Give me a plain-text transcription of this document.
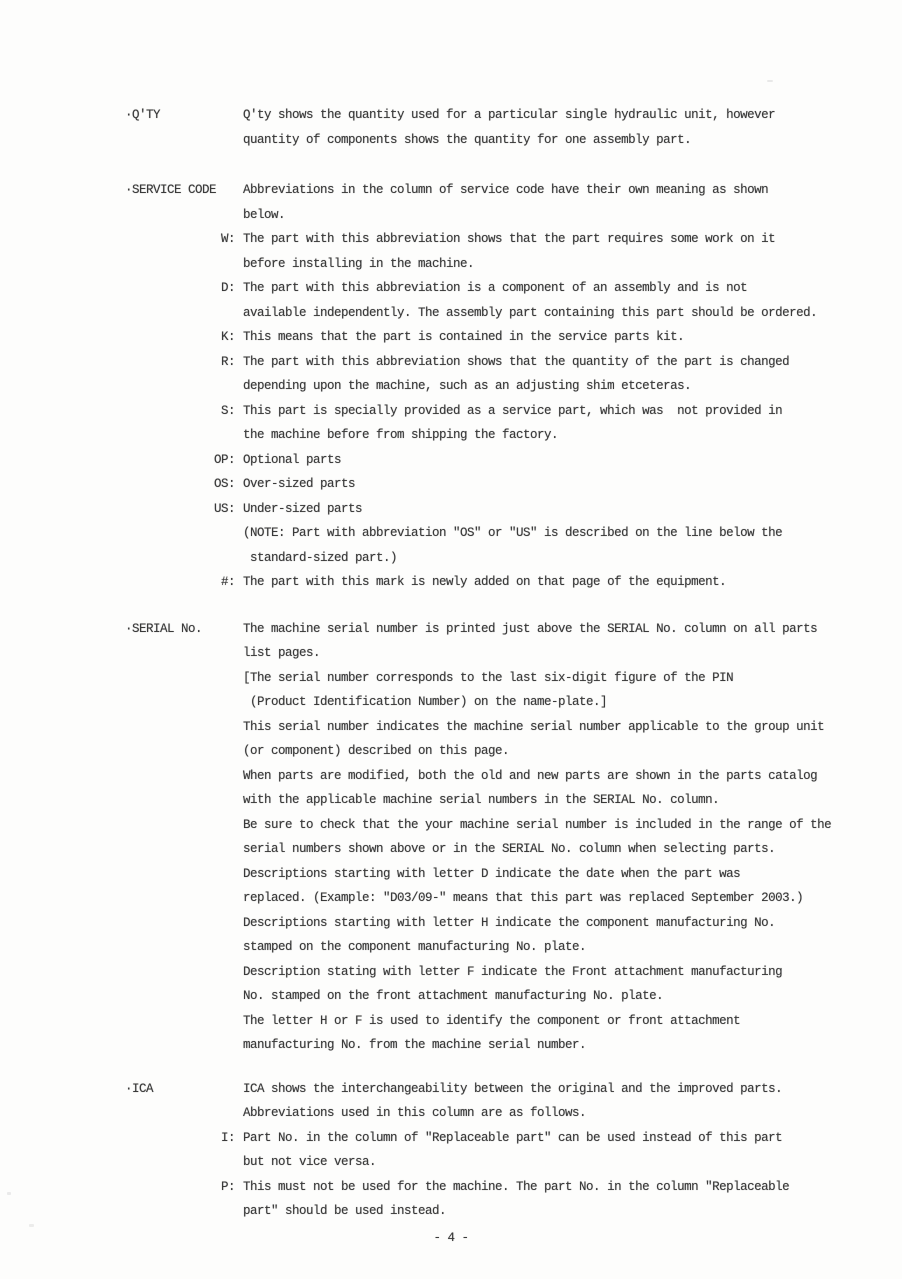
·Q'TY	Q'ty shows the quantity used for a particular single hydraulic unit, however
quantity of components shows the quantity for one assembly part.
·SERVICE CODE	Abbreviations in the column of service code have their own meaning as shown
below.
W: The part with this abbreviation shows that the part requires some work on it
before installing in the machine.
D: The part with this abbreviation is a component of an assembly and is not
available independently. The assembly part containing this part should be ordered.
K: This means that the part is contained in the service parts kit.
R: The part with this abbreviation shows that the quantity of the part is changed
depending upon the machine, such as an adjusting shim etceteras.
S: This part is specially provided as a service part, which was  not provided in
the machine before from shipping the factory.
OP: Optional parts
OS: Over-sized parts
US: Under-sized parts
(NOTE: Part with abbreviation "OS" or "US" is described on the line below the
standard-sized part.)
#: The part with this mark is newly added on that page of the equipment.
·SERIAL No.	The machine serial number is printed just above the SERIAL No. column on all parts
list pages.
[The serial number corresponds to the last six-digit figure of the PIN
(Product Identification Number) on the name-plate.]
This serial number indicates the machine serial number applicable to the group unit
(or component) described on this page.
When parts are modified, both the old and new parts are shown in the parts catalog
with the applicable machine serial numbers in the SERIAL No. column.
Be sure to check that the your machine serial number is included in the range of the
serial numbers shown above or in the SERIAL No. column when selecting parts.
Descriptions starting with letter D indicate the date when the part was
replaced. (Example: "D03/09-" means that this part was replaced September 2003.)
Descriptions starting with letter H indicate the component manufacturing No.
stamped on the component manufacturing No. plate.
Description stating with letter F indicate the Front attachment manufacturing
No. stamped on the front attachment manufacturing No. plate.
The letter H or F is used to identify the component or front attachment
manufacturing No. from the machine serial number.
·ICA	ICA shows the interchangeability between the original and the improved parts.
Abbreviations used in this column are as follows.
I: Part No. in the column of "Replaceable part" can be used instead of this part
but not vice versa.
P: This must not be used for the machine. The part No. in the column "Replaceable
part" should be used instead.
- 4 -
